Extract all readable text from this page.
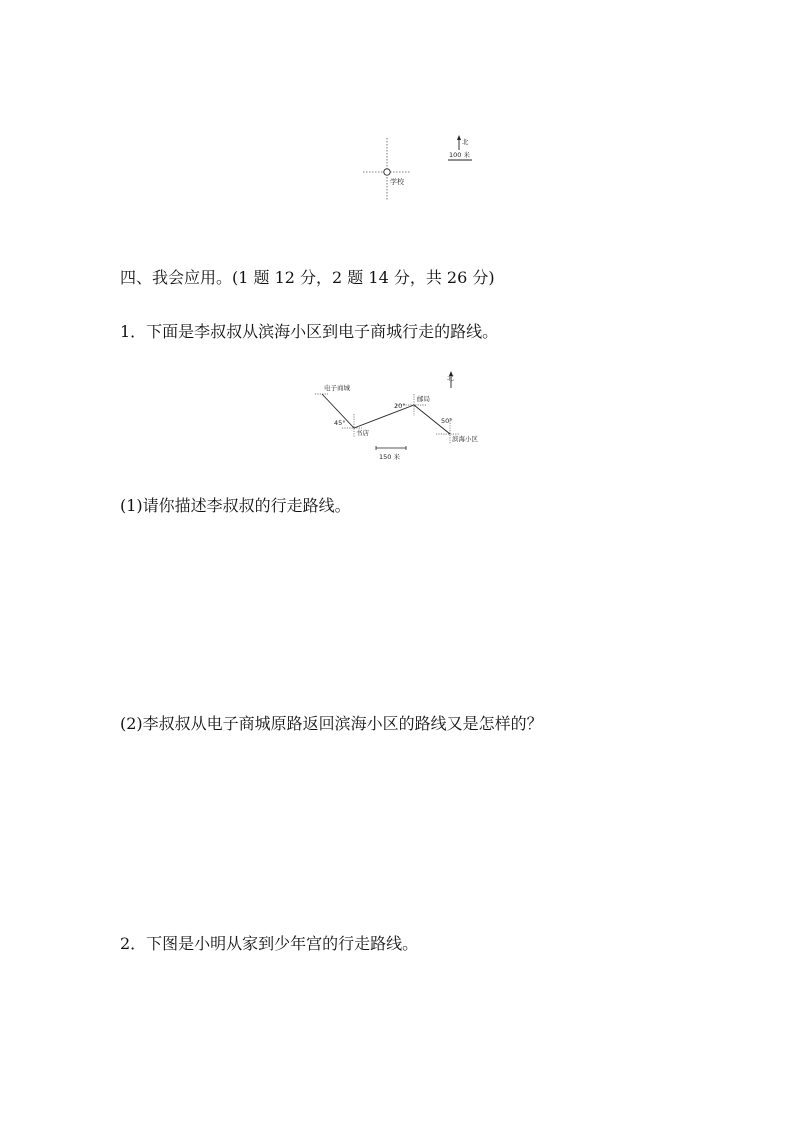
学校
北
100 米
四、我会应用。(1 题 12 分，2 题 14 分，共 26 分)
1．下面是李叔叔从滨海小区到电子商城行走的路线。
北
电子商城
书店
45°
邮局
20°
50°
滨海小区
150 米
(1)请你描述李叔叔的行走路线。
(2)李叔叔从电子商城原路返回滨海小区的路线又是怎样的？
2．下图是小明从家到少年宫的行走路线。
